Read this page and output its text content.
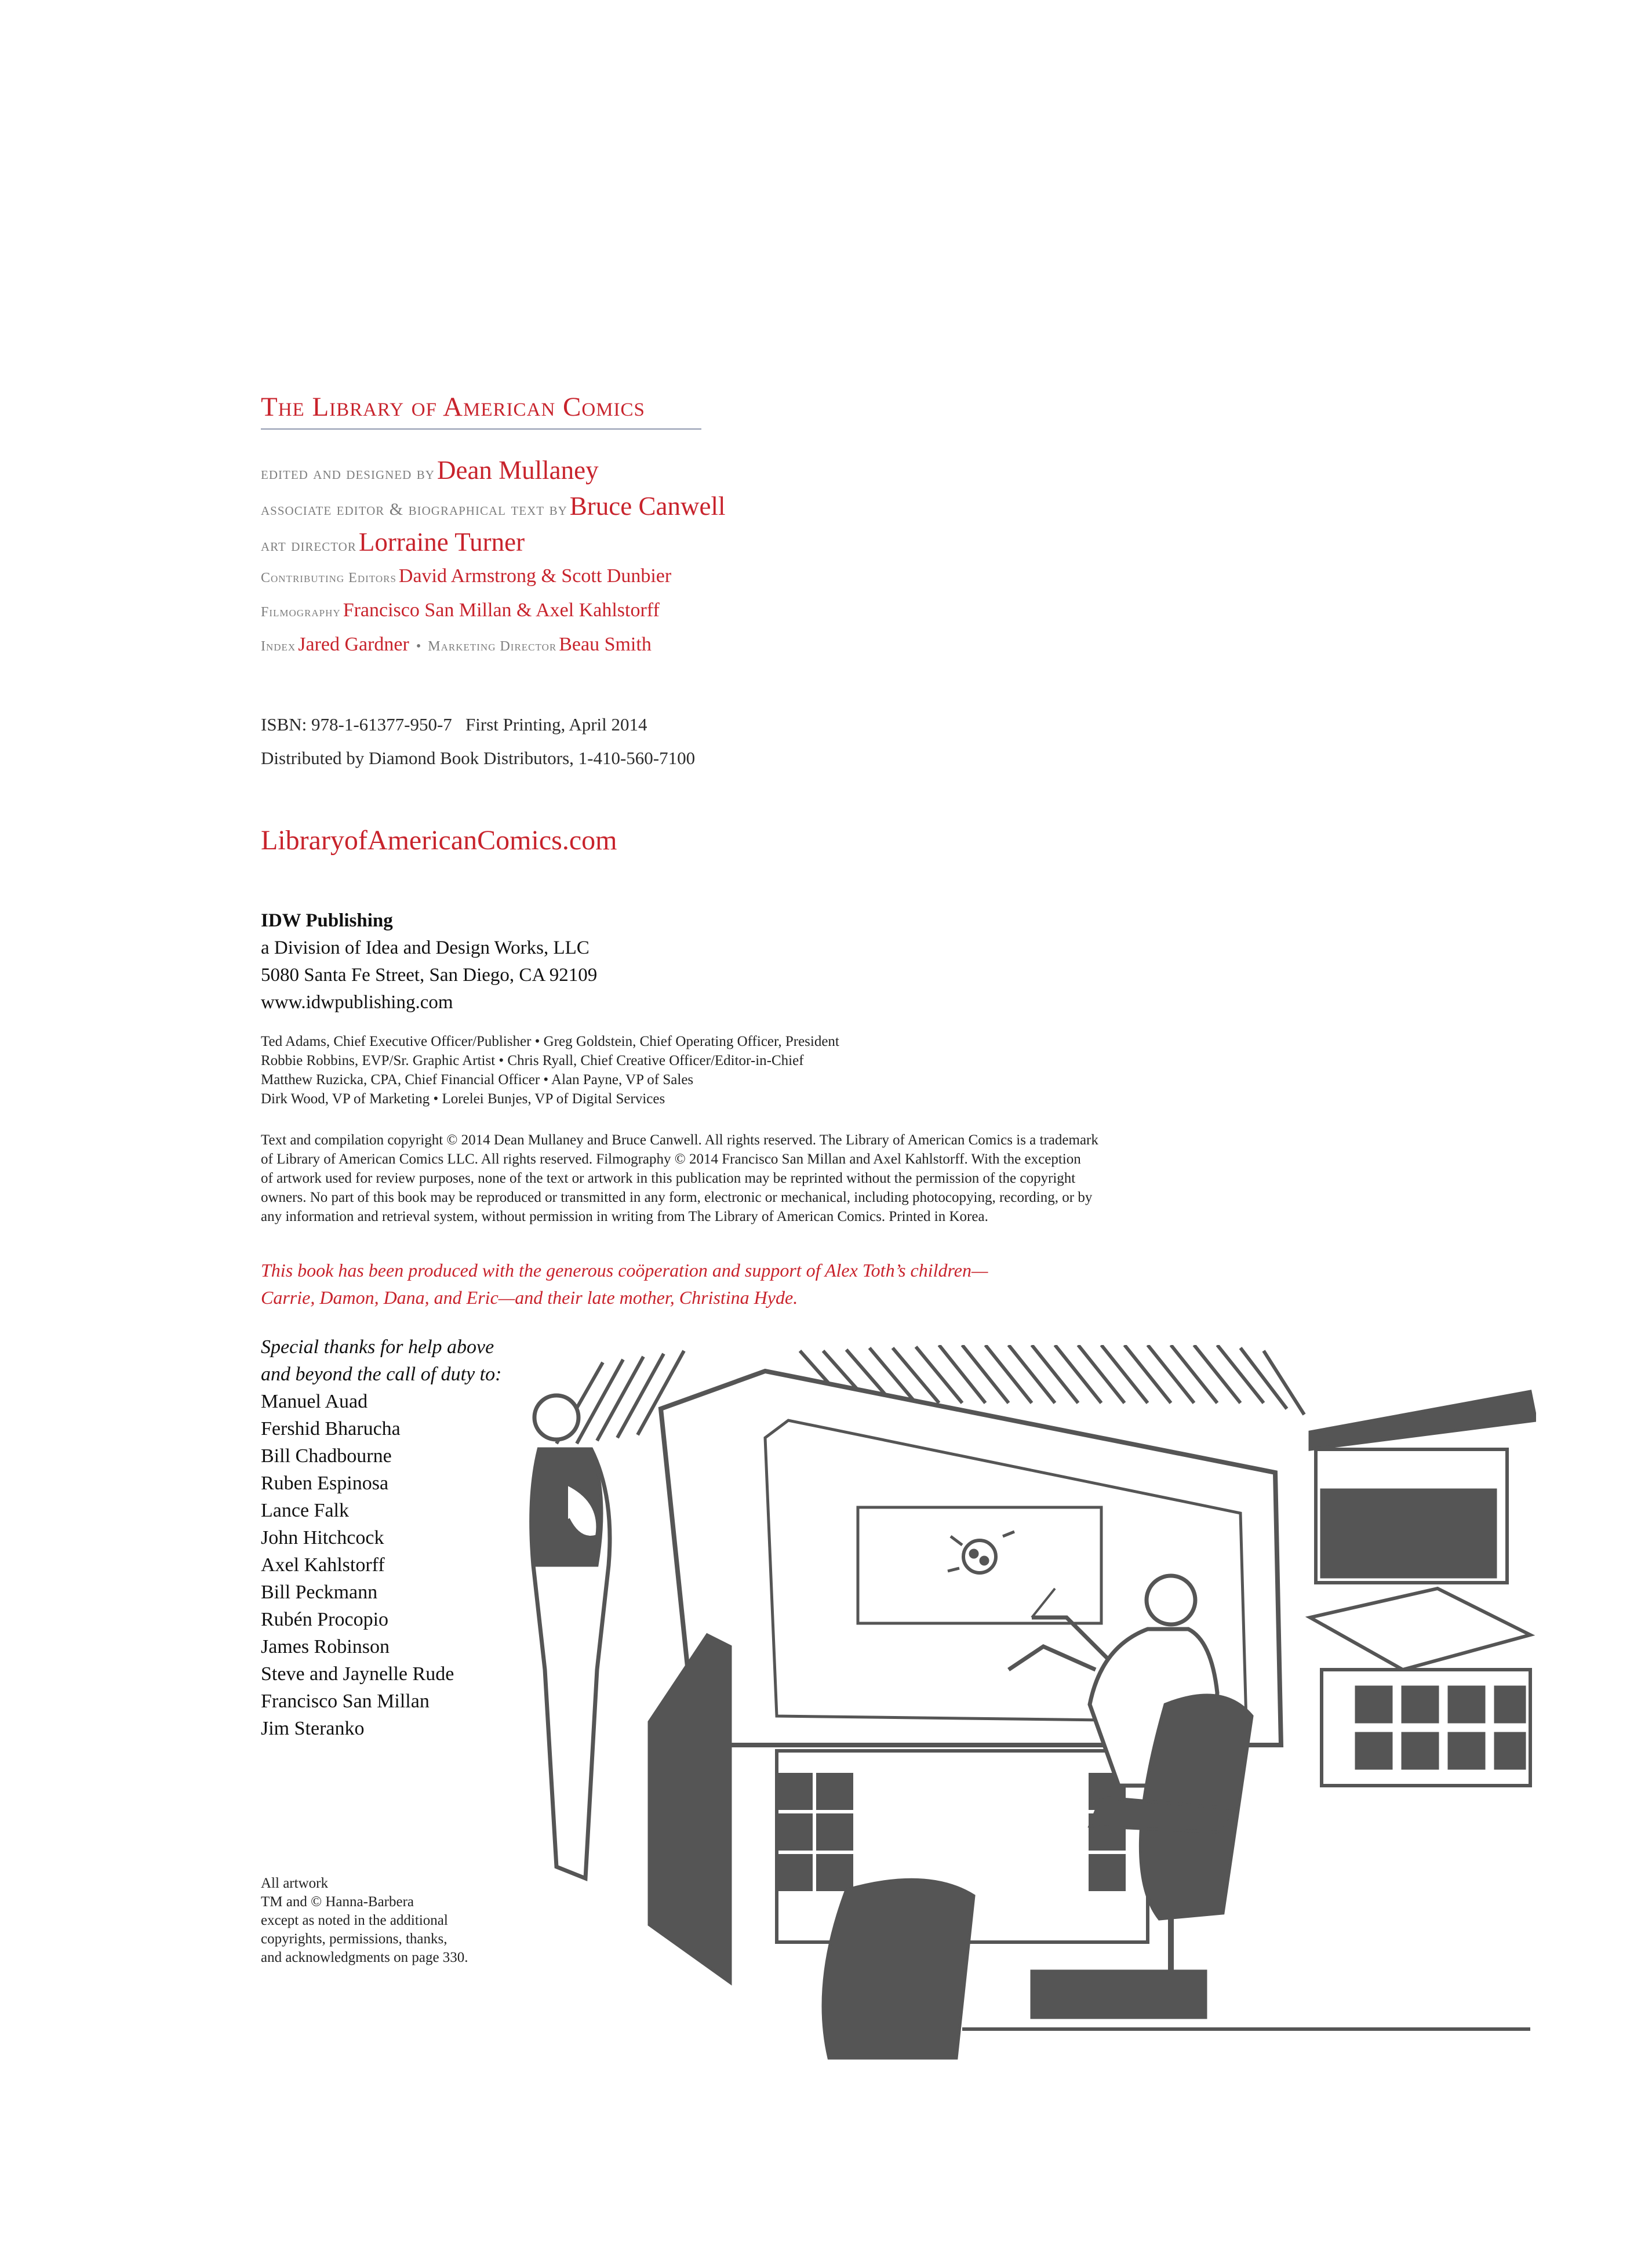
The Library of American Comics
edited and designed by Dean Mullaney
associate editor & biographical text by Bruce Canwell
art director Lorraine Turner
Contributing Editors David Armstrong & Scott Dunbier
Filmography Francisco San Millan & Axel Kahlstorff
Index Jared Gardner • Marketing Director Beau Smith
ISBN: 978-1-61377-950-7 First Printing, April 2014
Distributed by Diamond Book Distributors, 1-410-560-7100
LibraryofAmericanComics.com
IDW Publishing
a Division of Idea and Design Works, LLC
5080 Santa Fe Street, San Diego, CA 92109
www.idwpublishing.com
Ted Adams, Chief Executive Officer/Publisher • Greg Goldstein, Chief Operating Officer, President
Robbie Robbins, EVP/Sr. Graphic Artist • Chris Ryall, Chief Creative Officer/Editor-in-Chief
Matthew Ruzicka, CPA, Chief Financial Officer • Alan Payne, VP of Sales
Dirk Wood, VP of Marketing • Lorelei Bunjes, VP of Digital Services
Text and compilation copyright © 2014 Dean Mullaney and Bruce Canwell. All rights reserved. The Library of American Comics is a trademark
of Library of American Comics LLC. All rights reserved. Filmography © 2014 Francisco San Millan and Axel Kahlstorff. With the exception
of artwork used for review purposes, none of the text or artwork in this publication may be reprinted without the permission of the copyright
owners. No part of this book may be reproduced or transmitted in any form, electronic or mechanical, including photocopying, recording, or by
any information and retrieval system, without permission in writing from The Library of American Comics. Printed in Korea.
This book has been produced with the generous coöperation and support of Alex Toth’s children—
Carrie, Damon, Dana, and Eric—and their late mother, Christina Hyde.
Special thanks for help above
and beyond the call of duty to:
Manuel Auad
Fershid Bharucha
Bill Chadbourne
Ruben Espinosa
Lance Falk
John Hitchcock
Axel Kahlstorff
Bill Peckmann
Rubén Procopio
James Robinson
Steve and Jaynelle Rude
Francisco San Millan
Jim Steranko
All artwork
TM and © Hanna-Barbera
except as noted in the additional
copyrights, permissions, thanks,
and acknowledgments on page 330.
